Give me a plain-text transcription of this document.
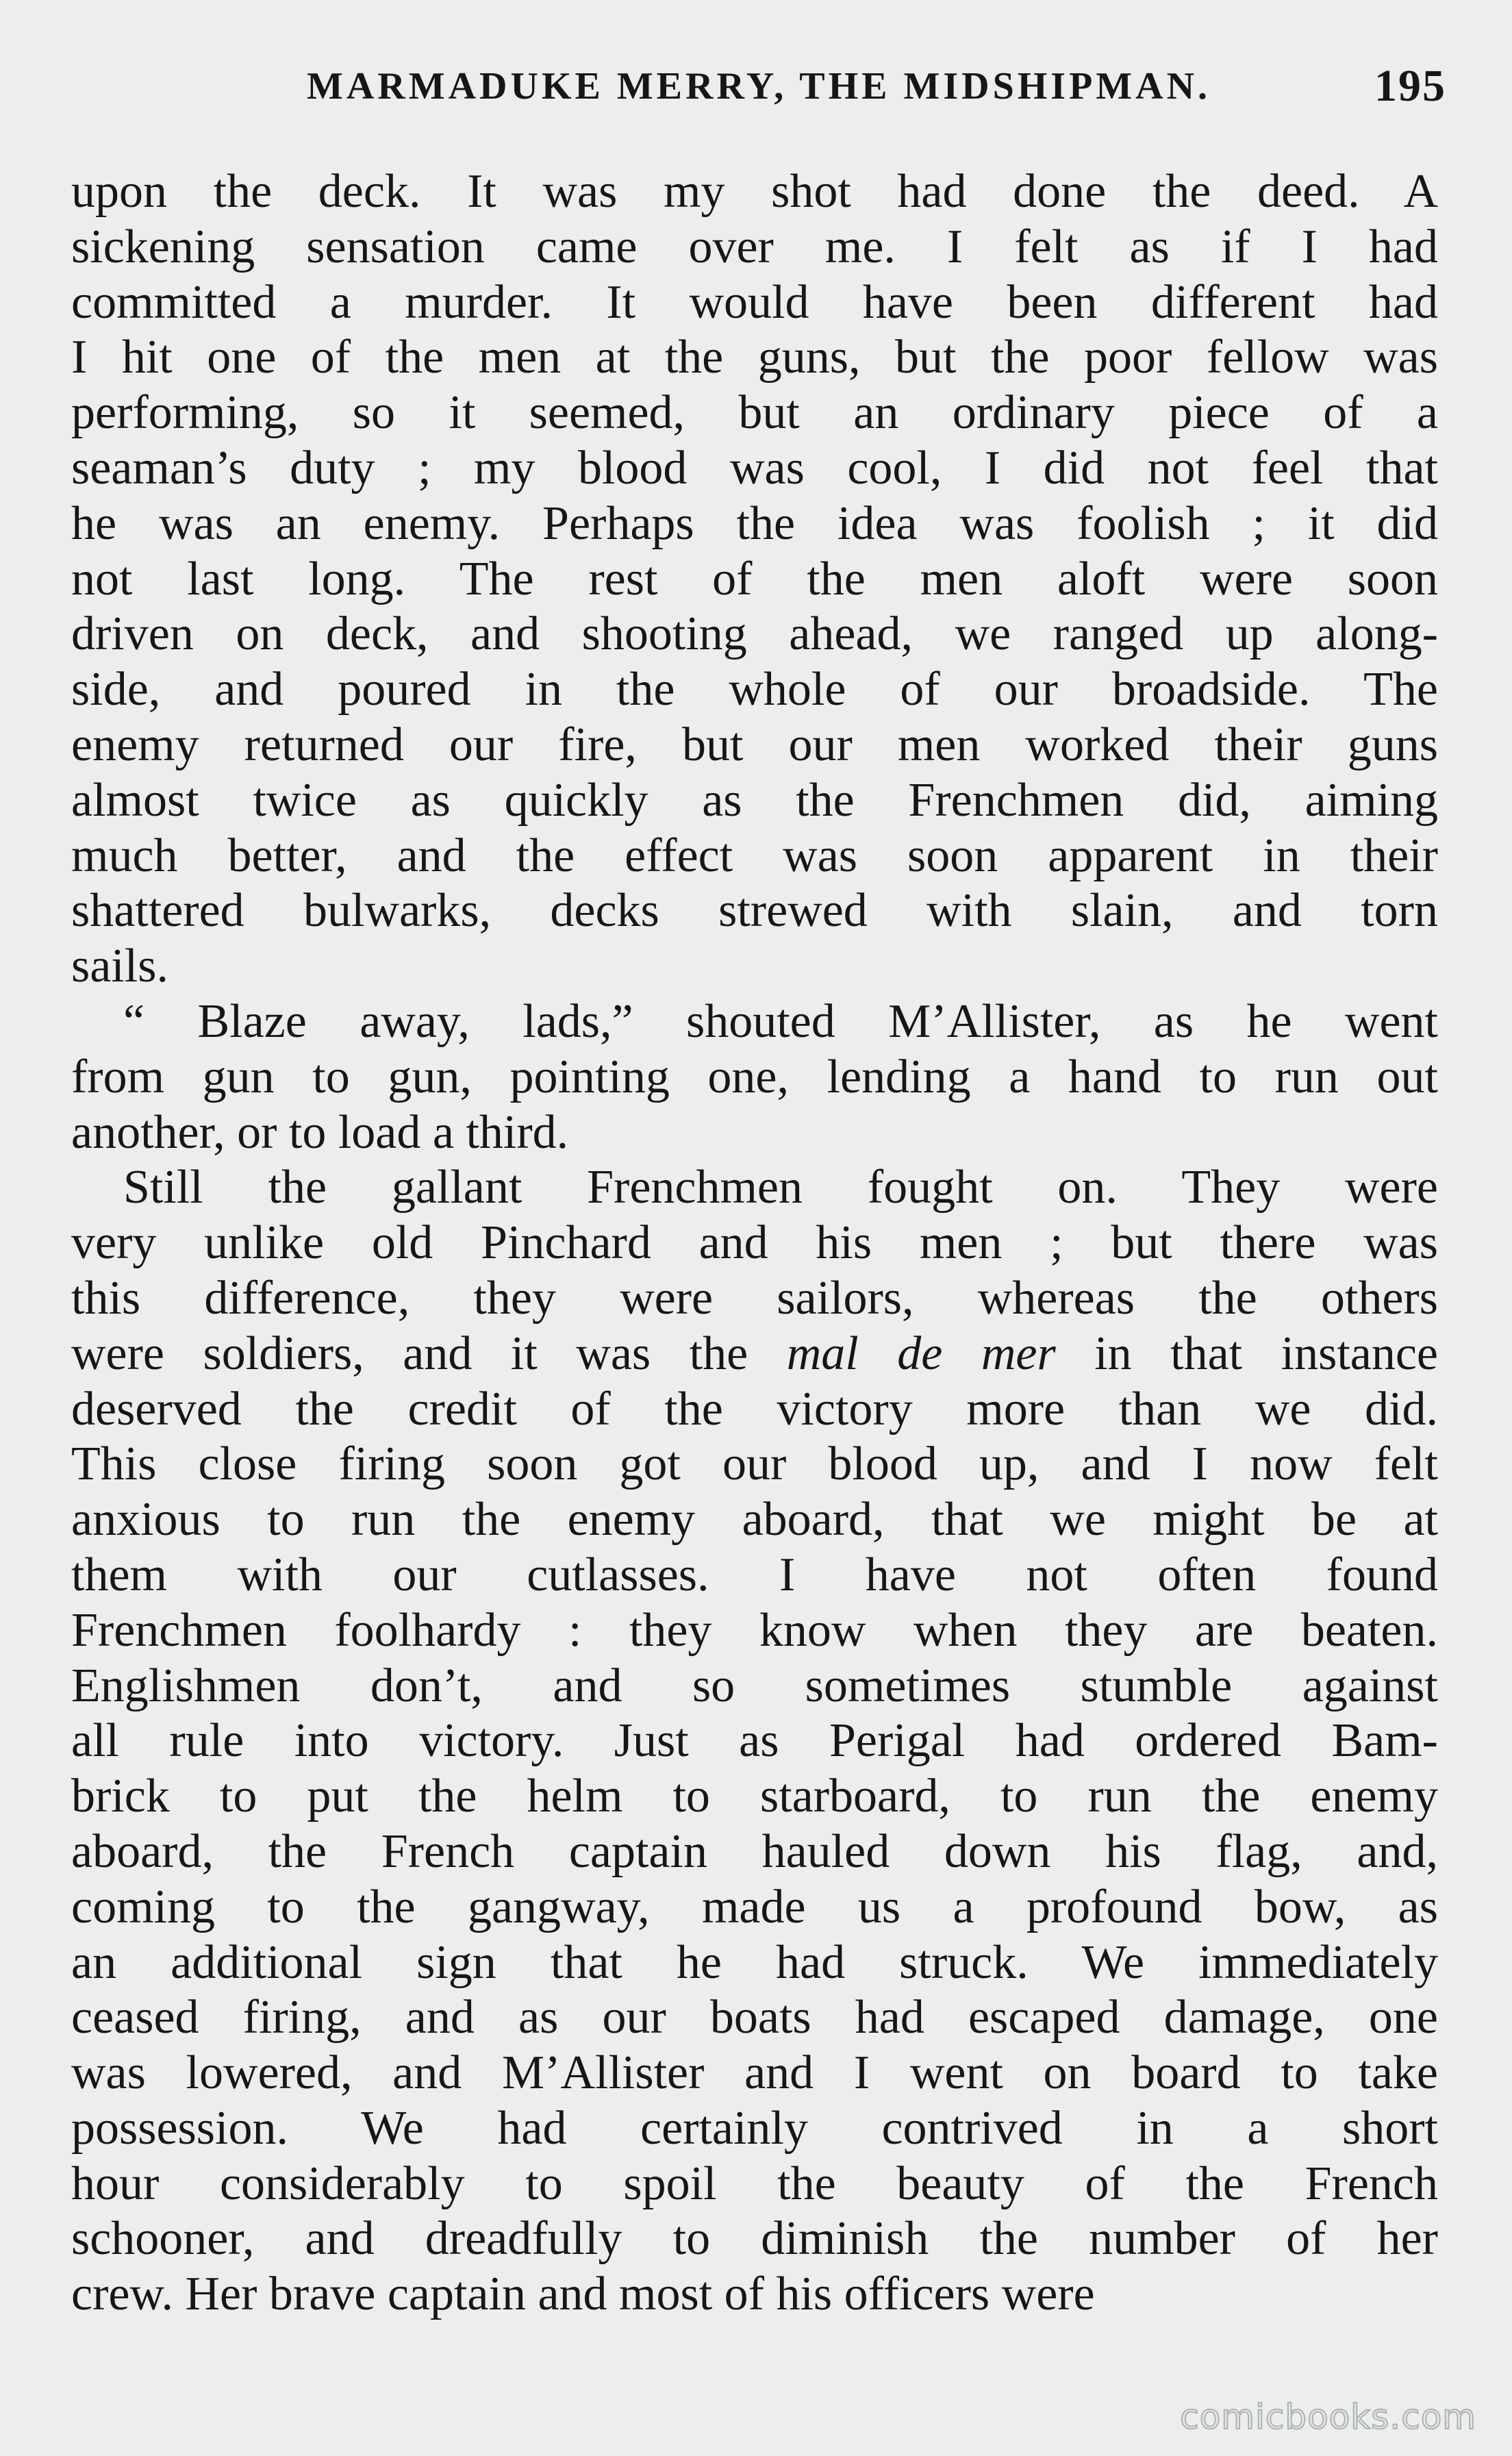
MARMADUKE MERRY, THE MIDSHIPMAN.	195
upon the deck. It was my shot had done the deed. A
sickening sensation came over me. I felt as if I had
committed a murder. It would have been different had
I hit one of the men at the guns, but the poor fellow was
performing, so it seemed, but an ordinary piece of a
seaman’s duty ; my blood was cool, I did not feel that
he was an enemy. Perhaps the idea was foolish ; it did
not last long. The rest of the men aloft were soon
driven on deck, and shooting ahead, we ranged up along-
side, and poured in the whole of our broadside. The
enemy returned our fire, but our men worked their guns
almost twice as quickly as the Frenchmen did, aiming
much better, and the effect was soon apparent in their
shattered bulwarks, decks strewed with slain, and torn
sails.
“ Blaze away, lads,” shouted M’Allister, as he went
from gun to gun, pointing one, lending a hand to run out
another, or to load a third.
Still the gallant Frenchmen fought on. They were
very unlike old Pinchard and his men ; but there was
this difference, they were sailors, whereas the others
were soldiers, and it was the mal de mer in that instance
deserved the credit of the victory more than we did.
This close firing soon got our blood up, and I now felt
anxious to run the enemy aboard, that we might be at
them with our cutlasses. I have not often found
Frenchmen foolhardy : they know when they are beaten.
Englishmen don’t, and so sometimes stumble against
all rule into victory. Just as Perigal had ordered Bam-
brick to put the helm to starboard, to run the enemy
aboard, the French captain hauled down his flag, and,
coming to the gangway, made us a profound bow, as
an additional sign that he had struck. We immediately
ceased firing, and as our boats had escaped damage, one
was lowered, and M’Allister and I went on board to take
possession. We had certainly contrived in a short
hour considerably to spoil the beauty of the French
schooner, and dreadfully to diminish the number of her
crew. Her brave captain and most of his officers were
comicbooks.com
